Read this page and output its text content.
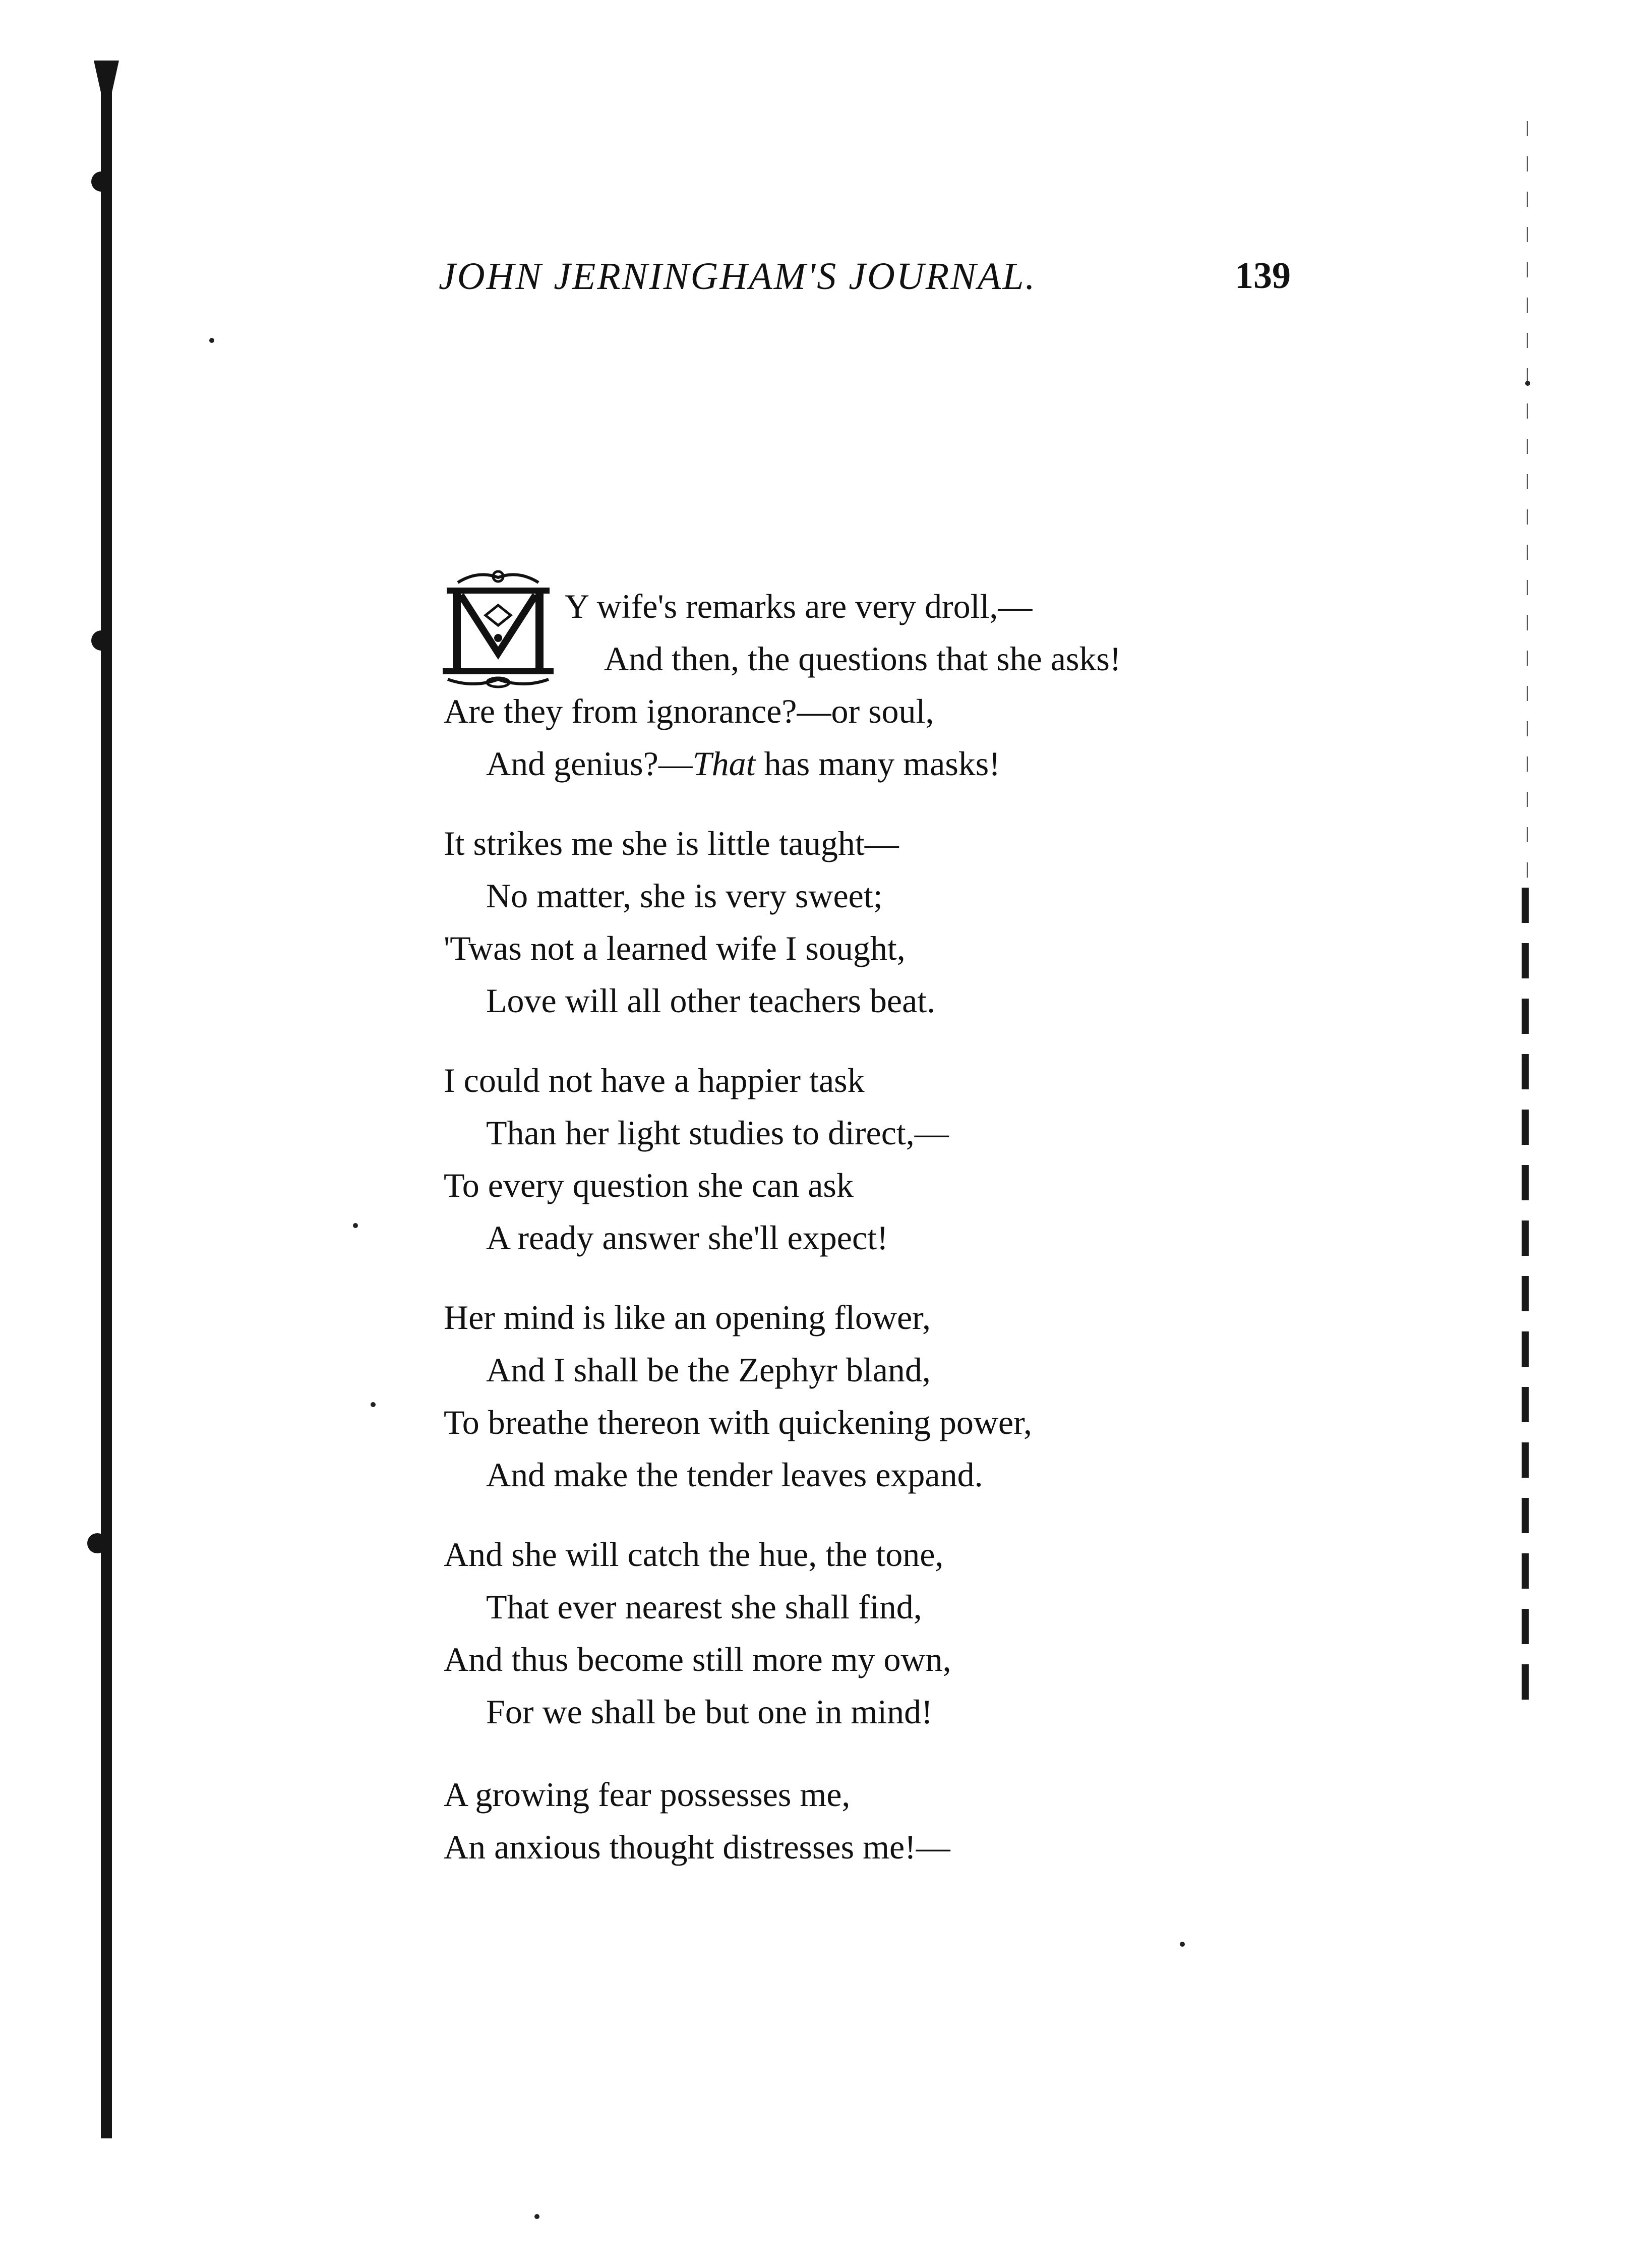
JOHN JERNINGHAM'S JOURNAL.	139
Y wife's remarks are very droll,—
And then, the questions that she asks!
Are they from ignorance?—or soul,
And genius?—That has many masks!
It strikes me she is little taught—
No matter, she is very sweet;
'Twas not a learned wife I sought,
Love will all other teachers beat.
I could not have a happier task
Than her light studies to direct,—
To every question she can ask
A ready answer she'll expect!
Her mind is like an opening flower,
And I shall be the Zephyr bland,
To breathe thereon with quickening power,
And make the tender leaves expand.
And she will catch the hue, the tone,
That ever nearest she shall find,
And thus become still more my own,
For we shall be but one in mind!
A growing fear possesses me,
An anxious thought distresses me!—
